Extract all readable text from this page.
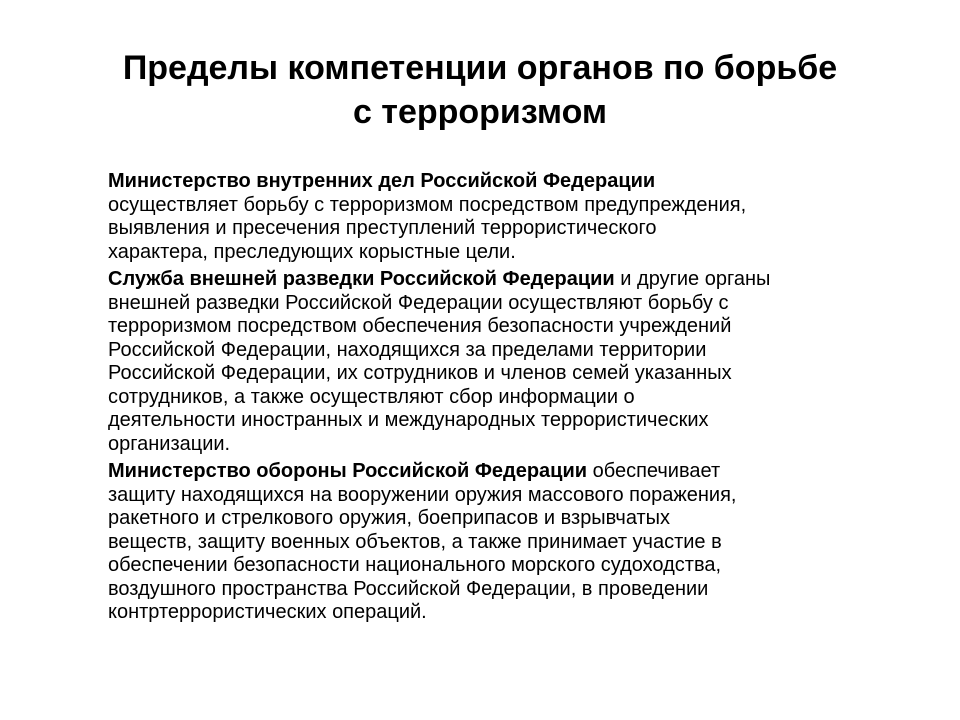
Пределы компетенции органов по борьбе
с терроризмом
Министерство внутренних дел Российской Федерации
осуществляет борьбу с терроризмом посредством предупреждения,
выявления и пресечения преступлений террористического
характера, преследующих корыстные цели.
Служба внешней разведки Российской Федерации и другие органы
внешней разведки Российской Федерации осуществляют борьбу с
терроризмом посредством обеспечения безопасности учреждений
Российской Федерации, находящихся за пределами территории
Российской Федерации, их сотрудников и членов семей указанных
сотрудников, а также осуществляют сбор информации о
деятельности иностранных и международных террористических
организации.
Министерство обороны Российской Федерации обеспечивает
защиту находящихся на вооружении оружия массового поражения,
ракетного и стрелкового оружия, боеприпасов и взрывчатых
веществ, защиту военных объектов, а также принимает участие в
обеспечении безопасности национального морского судоходства,
воздушного пространства Российской Федерации, в проведении
контртеррористических операций.
